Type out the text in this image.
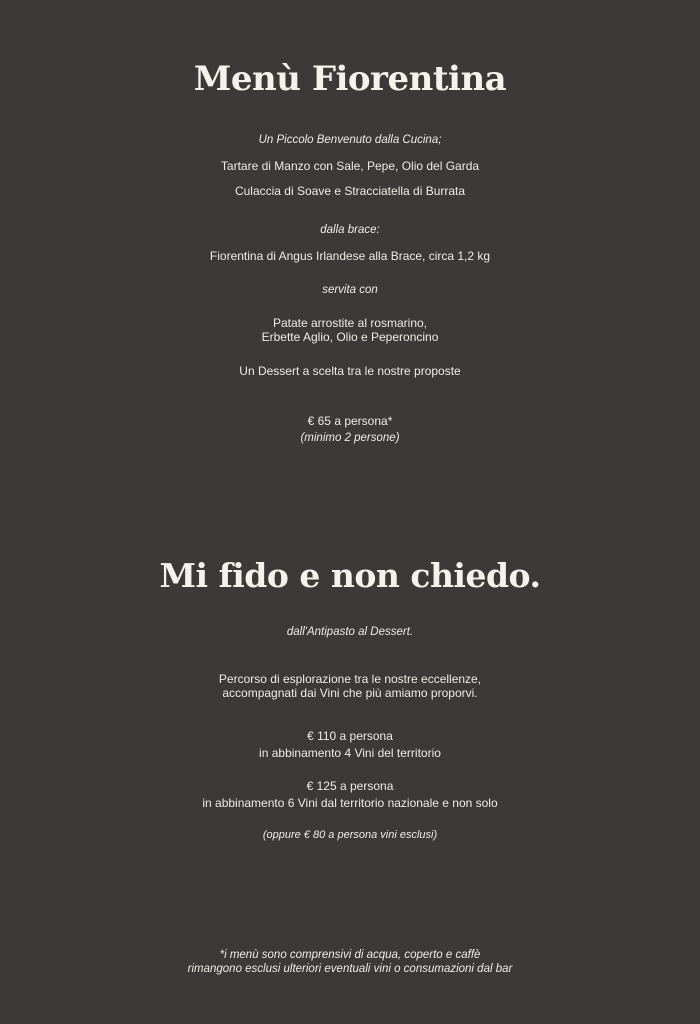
Menù Fiorentina
Un Piccolo Benvenuto dalla Cucina;
Tartare di Manzo con Sale, Pepe, Olio del Garda
Culaccia di Soave e Stracciatella di Burrata
dalla brace:
Fiorentina di Angus Irlandese alla Brace, circa 1,2 kg
servita con
Patate arrostite al rosmarino,
Erbette Aglio, Olio e Peperoncino
Un Dessert a scelta tra le nostre proposte
€ 65 a persona*
(minimo 2 persone)
Mi fido e non chiedo.
dall'Antipasto al Dessert.
Percorso di esplorazione tra le nostre eccellenze,
accompagnati dai Vini che più amiamo proporvi.
€ 110 a persona
in abbinamento 4 Vini del territorio
€ 125 a persona
in abbinamento 6 Vini dal territorio nazionale e non solo
(oppure € 80 a persona vini esclusi)
*i menù sono comprensivi di acqua, coperto e caffè
rimangono esclusi ulteriori eventuali vini o consumazioni dal bar
